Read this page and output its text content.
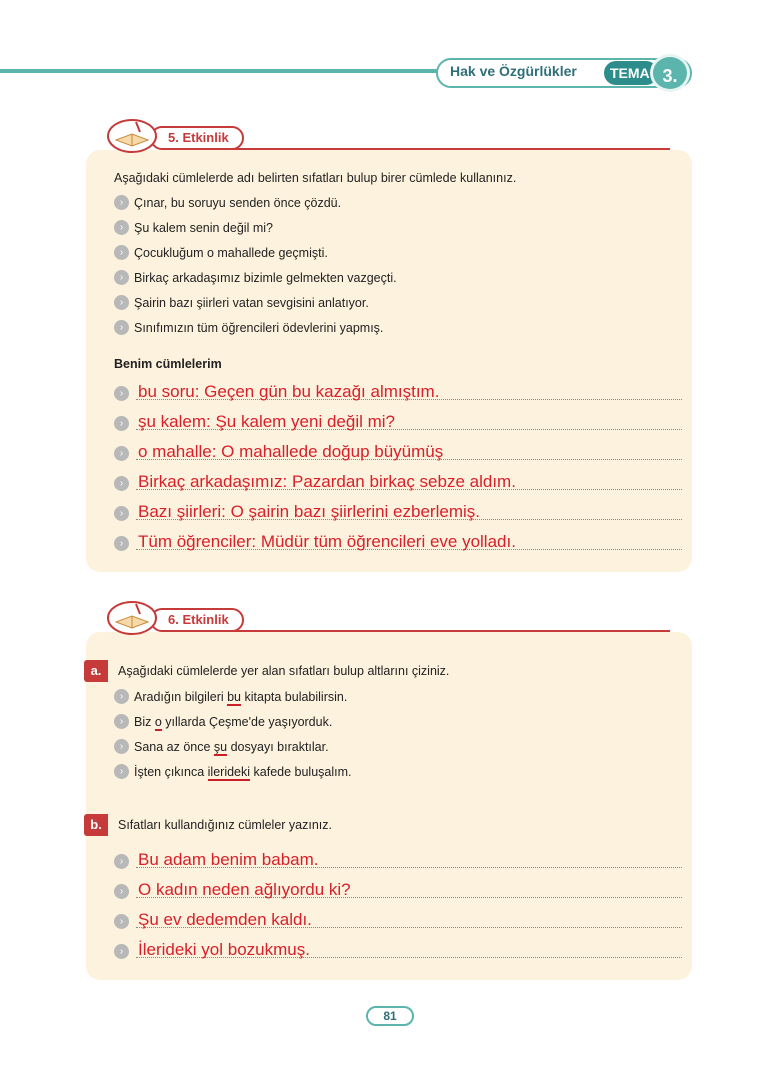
Hak ve Özgürlükler	TEMA 3.
5. Etkinlik
Aşağıdaki cümlelerde adı belirten sıfatları bulup birer cümlede kullanınız.
› Çınar, bu soruyu senden önce çözdü.
› Şu kalem senin değil mi?
› Çocukluğum o mahallede geçmişti.
› Birkaç arkadaşımız bizimle gelmekten vazgeçti.
› Şairin bazı şiirleri vatan sevgisini anlatıyor.
› Sınıfımızın tüm öğrencileri ödevlerini yapmış.
Benim cümlelerim
› bu soru: Geçen gün bu kazağı almıştım.
› şu kalem: Şu kalem yeni değil mi?
› o mahalle: O mahallede doğup büyümüş
› Birkaç arkadaşımız: Pazardan birkaç sebze aldım.
› Bazı şiirleri: O şairin bazı şiirlerini ezberlemiş.
› Tüm öğrenciler: Müdür tüm öğrencileri eve yolladı.
6. Etkinlik
a.	Aşağıdaki cümlelerde yer alan sıfatları bulup altlarını çiziniz.
› Aradığın bilgileri bu kitapta bulabilirsin.
› Biz o yıllarda Çeşme'de yaşıyorduk.
› Sana az önce şu dosyayı bıraktılar.
› İşten çıkınca ilerideki kafede buluşalım.
b.	Sıfatları kullandığınız cümleler yazınız.
› Bu adam benim babam.
› O kadın neden ağlıyordu ki?
› Şu ev dedemden kaldı.
› İlerideki yol bozukmuş.
81
